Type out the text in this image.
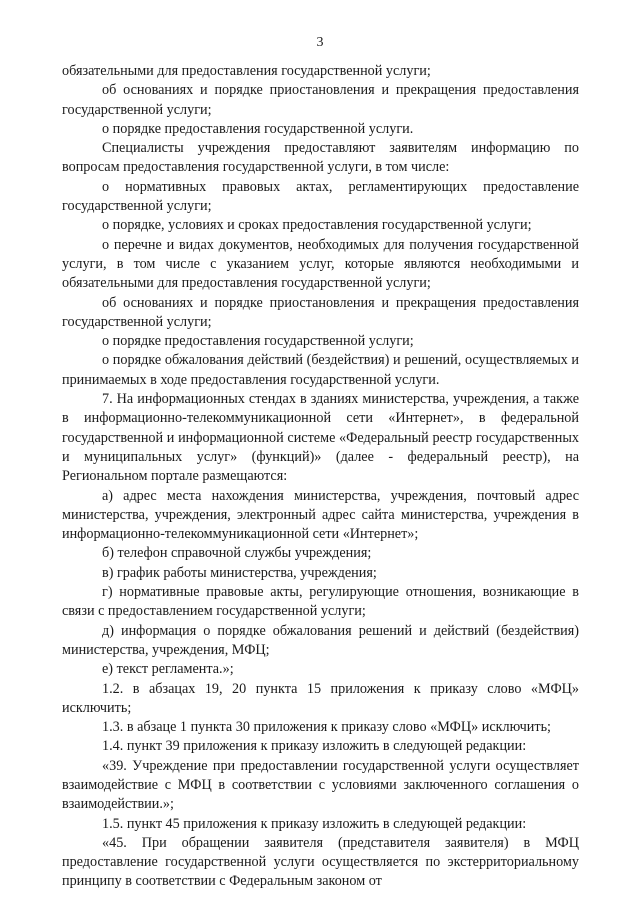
3

обязательными для предоставления государственной услуги;

об основаниях и порядке приостановления и прекращения предоставления государственной услуги;

о порядке предоставления государственной услуги.

Специалисты учреждения предоставляют заявителям информацию по вопросам предоставления государственной услуги, в том числе:

о нормативных правовых актах, регламентирующих предоставление государственной услуги;

о порядке, условиях и сроках предоставления государственной услуги;

о перечне и видах документов, необходимых для получения государственной услуги, в том числе с указанием услуг, которые являются необходимыми и обязательными для предоставления государственной услуги;

об основаниях и порядке приостановления и прекращения предоставления государственной услуги;

о порядке предоставления государственной услуги;

о порядке обжалования действий (бездействия) и решений, осуществляемых и принимаемых в ходе предоставления государственной услуги.

7. На информационных стендах в зданиях министерства, учреждения, а также в информационно-телекоммуникационной сети «Интернет», в федеральной государственной и информационной системе «Федеральный реестр государственных и муниципальных услуг» (функций)» (далее - федеральный реестр), на Региональном портале размещаются:

а) адрес места нахождения министерства, учреждения, почтовый адрес министерства, учреждения, электронный адрес сайта министерства, учреждения в информационно-телекоммуникационной сети «Интернет»;

б) телефон справочной службы учреждения;

в) график работы министерства, учреждения;

г) нормативные правовые акты, регулирующие отношения, возникающие в связи с предоставлением государственной услуги;

д) информация о порядке обжалования решений и действий (бездействия) министерства, учреждения, МФЦ;

е) текст регламента.»;

1.2. в абзацах 19, 20 пункта 15 приложения к приказу слово «МФЦ» исключить;

1.3. в абзаце 1 пункта 30 приложения к приказу слово «МФЦ» исключить;

1.4. пункт 39 приложения к приказу изложить в следующей редакции:

«39. Учреждение при предоставлении государственной услуги осуществляет взаимодействие с МФЦ в соответствии с условиями заключенного соглашения о взаимодействии.»;

1.5. пункт 45 приложения к приказу изложить в следующей редакции:

«45. При обращении заявителя (представителя заявителя) в МФЦ предоставление государственной услуги осуществляется по экстерриториальному принципу в соответствии с Федеральным законом от
